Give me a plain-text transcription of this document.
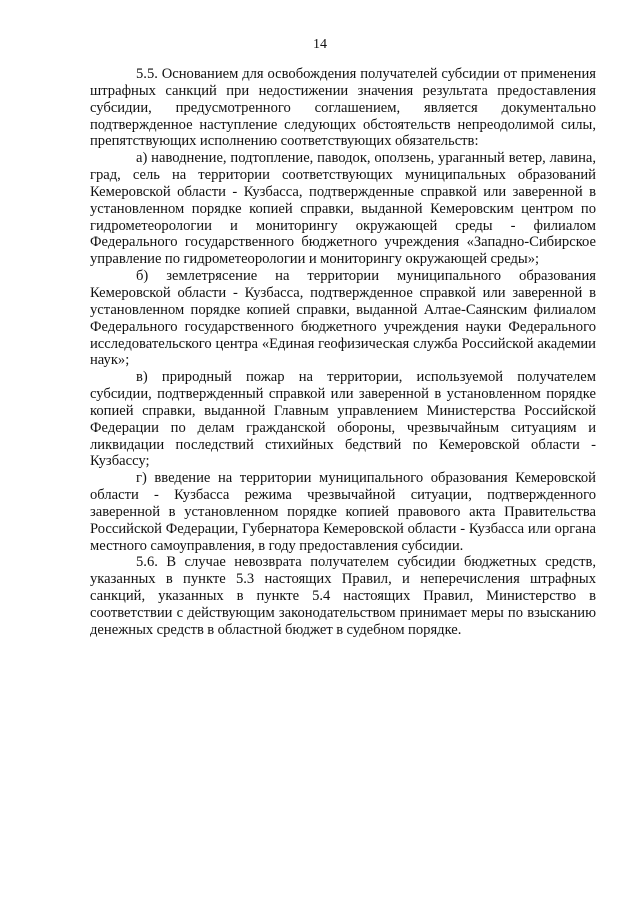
14

5.5. Основанием для освобождения получателей субсидии от применения штрафных санкций при недостижении значения результата предоставления субсидии, предусмотренного соглашением, является документально подтвержденное наступление следующих обстоятельств непреодолимой силы, препятствующих исполнению соответствующих обязательств:

а) наводнение, подтопление, паводок, оползень, ураганный ветер, лавина, град, сель на территории соответствующих муниципальных образований Кемеровской области - Кузбасса, подтвержденные справкой или заверенной в установленном порядке копией справки, выданной Кемеровским центром по гидрометеорологии и мониторингу окружающей среды - филиалом Федерального государственного бюджетного учреждения «Западно-Сибирское управление по гидрометеорологии и мониторингу окружающей среды»;

б) землетрясение на территории муниципального образования Кемеровской области - Кузбасса, подтвержденное справкой или заверенной в установленном порядке копией справки, выданной Алтае-Саянским филиалом Федерального государственного бюджетного учреждения науки Федерального исследовательского центра «Единая геофизическая служба Российской академии наук»;

в) природный пожар на территории, используемой получателем субсидии, подтвержденный справкой или заверенной в установленном порядке копией справки, выданной Главным управлением Министерства Российской Федерации по делам гражданской обороны, чрезвычайным ситуациям и ликвидации последствий стихийных бедствий по Кемеровской области - Кузбассу;

г) введение на территории муниципального образования Кемеровской области - Кузбасса режима чрезвычайной ситуации, подтвержденного заверенной в установленном порядке копией правового акта Правительства Российской Федерации, Губернатора Кемеровской области - Кузбасса или органа местного самоуправления, в году предоставления субсидии.

5.6. В случае невозврата получателем субсидии бюджетных средств, указанных в пункте 5.3 настоящих Правил, и неперечисления штрафных санкций, указанных в пункте 5.4 настоящих Правил, Министерство в соответствии с действующим законодательством принимает меры по взысканию денежных средств в областной бюджет в судебном порядке.
